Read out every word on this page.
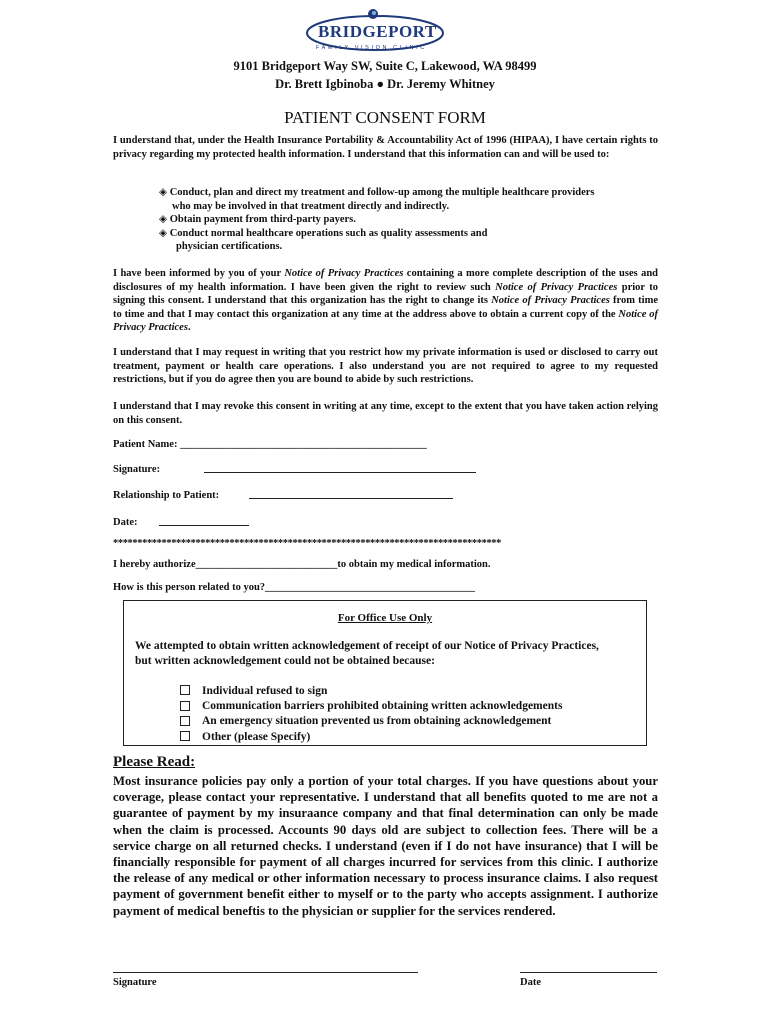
BRIDGEPORT
FAMILY VISION CLINIC
9101 Bridgeport Way SW, Suite C, Lakewood, WA 98499
Dr. Brett Igbinoba ● Dr. Jeremy Whitney
PATIENT CONSENT FORM
I understand that, under the Health Insurance Portability & Accountability Act of 1996 (HIPAA), I have certain rights to privacy regarding my protected health information. I understand that this information can and will be used to:
◈ Conduct, plan and direct my treatment and follow-up among the multiple healthcare providers
who may be involved in that treatment directly and indirectly.
◈ Obtain payment from third-party payers.
◈ Conduct normal healthcare operations such as quality assessments and
physician certifications.
I have been informed by you of your Notice of Privacy Practices containing a more complete description of the uses and disclosures of my health information. I have been given the right to review such Notice of Privacy Practices prior to signing this consent. I understand that this organization has the right to change its Notice of Privacy Practices from time to time and that I may contact this organization at any time at the address above to obtain a current copy of the Notice of Privacy Practices.
I understand that I may request in writing that you restrict how my private information is used or disclosed to carry out treatment, payment or health care operations. I also understand you are not required to agree to my requested restrictions, but if you do agree then you are bound to abide by such restrictions.
I understand that I may revoke this consent in writing at any time, except to the extent that you have taken action relying on this consent.
Patient Name: _______________________________________________
Signature:
Relationship to Patient:
Date:
********************************************************************************
I hereby authorize___________________________to obtain my medical information.
How is this person related to you?________________________________________
For Office Use Only
We attempted to obtain written acknowledgement of receipt of our Notice of Privacy Practices, but written acknowledgement could not be obtained because:
Individual refused to sign
Communication barriers prohibited obtaining written acknowledgements
An emergency situation prevented us from obtaining acknowledgement
Other (please Specify)
Please Read:
Most insurance policies pay only a portion of your total charges. If you have questions about your coverage, please contact your representative. I understand that all benefits quoted to me are not a guarantee of payment by my insuraance company and that final determination can only be made when the claim is processed. Accounts 90 days old are subject to collection fees. There will be a service charge on all returned checks. I understand (even if I do not have insurance) that I will be financially responsible for payment of all charges incurred for services from this clinic. I authorize the release of any medical or other information necessary to process insurance claims. I also request payment of government benefit either to myself or to the party who accepts assignment. I authorize payment of medical beneftis to the physician or supplier for the services rendered.
Signature	Date
